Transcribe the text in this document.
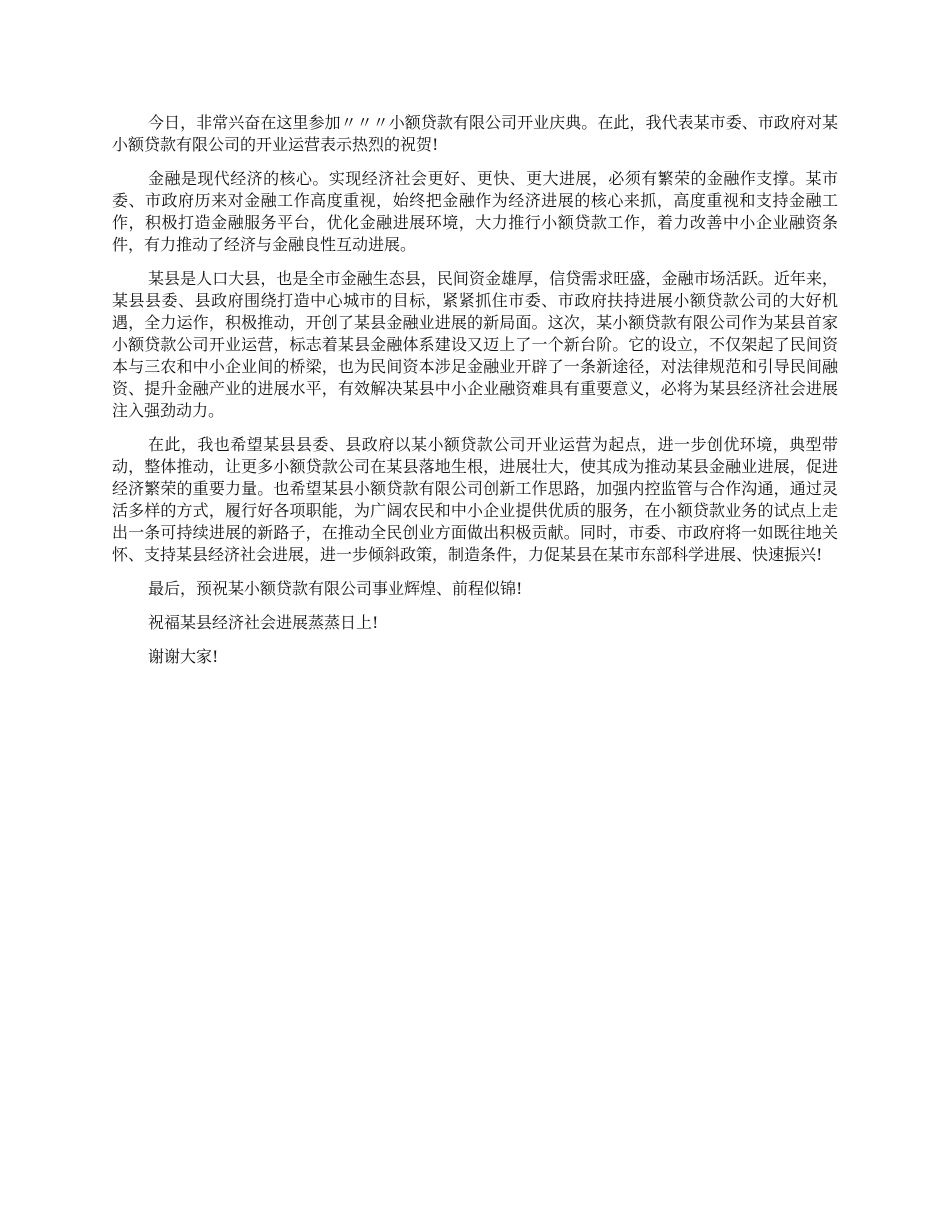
今日，非常兴奋在这里参加〃〃〃小额贷款有限公司开业庆典。在此，我代表某市委、市政府对某小额贷款有限公司的开业运营表示热烈的祝贺!

金融是现代经济的核心。实现经济社会更好、更快、更大进展，必须有繁荣的金融作支撑。某市委、市政府历来对金融工作高度重视，始终把金融作为经济进展的核心来抓，高度重视和支持金融工作，积极打造金融服务平台，优化金融进展环境，大力推行小额贷款工作，着力改善中小企业融资条件，有力推动了经济与金融良性互动进展。

某县是人口大县，也是全市金融生态县，民间资金雄厚，信贷需求旺盛，金融市场活跃。近年来，某县县委、县政府围绕打造中心城市的目标，紧紧抓住市委、市政府扶持进展小额贷款公司的大好机遇，全力运作，积极推动，开创了某县金融业进展的新局面。这次，某小额贷款有限公司作为某县首家小额贷款公司开业运营，标志着某县金融体系建设又迈上了一个新台阶。它的设立，不仅架起了民间资本与三农和中小企业间的桥梁，也为民间资本涉足金融业开辟了一条新途径，对法律规范和引导民间融资、提升金融产业的进展水平，有效解决某县中小企业融资难具有重要意义，必将为某县经济社会进展注入强劲动力。

在此，我也希望某县县委、县政府以某小额贷款公司开业运营为起点，进一步创优环境，典型带动，整体推动，让更多小额贷款公司在某县落地生根，进展壮大，使其成为推动某县金融业进展，促进经济繁荣的重要力量。也希望某县小额贷款有限公司创新工作思路，加强内控监管与合作沟通，通过灵活多样的方式，履行好各项职能，为广阔农民和中小企业提供优质的服务，在小额贷款业务的试点上走出一条可持续进展的新路子，在推动全民创业方面做出积极贡献。同时，市委、市政府将一如既往地关怀、支持某县经济社会进展，进一步倾斜政策，制造条件，力促某县在某市东部科学进展、快速振兴!

最后，预祝某小额贷款有限公司事业辉煌、前程似锦!

祝福某县经济社会进展蒸蒸日上!

谢谢大家!
